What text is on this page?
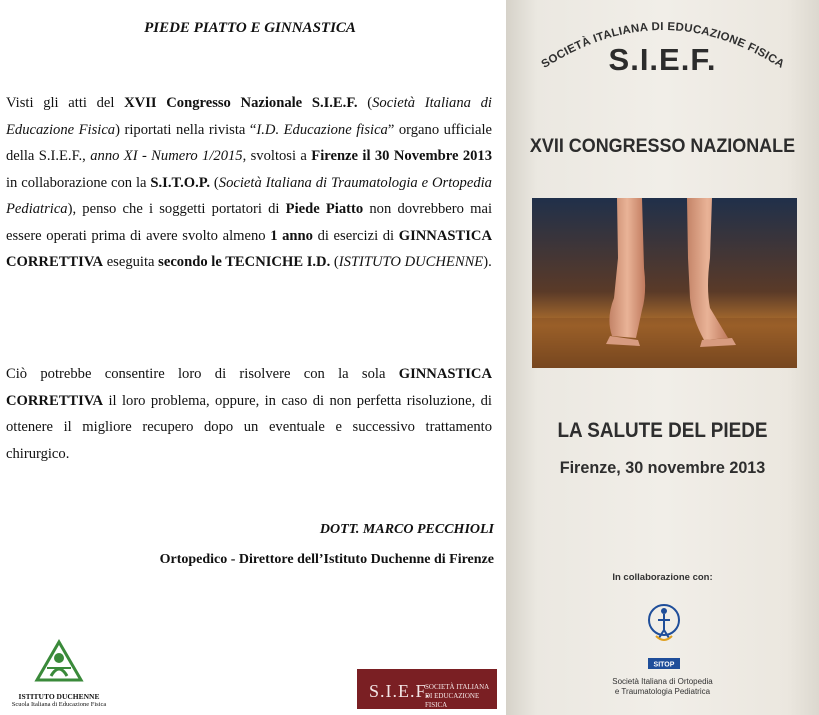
PIEDE PIATTO E GINNASTICA
Visti gli atti del XVII Congresso Nazionale S.I.E.F. (Società Italiana di Educazione Fisica) riportati nella rivista “I.D. Educazione fisica” organo ufficiale della S.I.E.F., anno XI - Numero 1/2015, svoltosi a Firenze il 30 Novembre 2013 in collaborazione con la S.I.T.O.P. (Società Italiana di Traumatologia e Ortopedia Pediatrica), penso che i soggetti portatori di Piede Piatto non dovrebbero mai essere operati prima di avere svolto almeno 1 anno di esercizi di GINNASTICA CORRETTIVA eseguita secondo le TECNICHE I.D. (ISTITUTO DUCHENNE).
Ciò potrebbe consentire loro di risolvere con la sola GINNASTICA CORRETTIVA il loro problema, oppure, in caso di non perfetta risoluzione, di ottenere il migliore recupero dopo un eventuale e successivo trattamento chirurgico.
DOTT. MARCO PECCHIOLI
Ortopedico - Direttore dell’Istituto Duchenne di Firenze
ISTITUTO DUCHENNE
Scuola Italiana di Educazione Fisica
S.I.E.F.
SOCIETÀ ITALIANA DI EDUCAZIONE FISICA
SOCIETÀ ITALIANA DI EDUCAZIONE FISICA
S.I.E.F.
XVII CONGRESSO NAZIONALE
LA SALUTE DEL PIEDE
Firenze, 30 novembre 2013
In collaborazione con:
SITOP
Società Italiana di Ortopedia
e Traumatologia Pediatrica
